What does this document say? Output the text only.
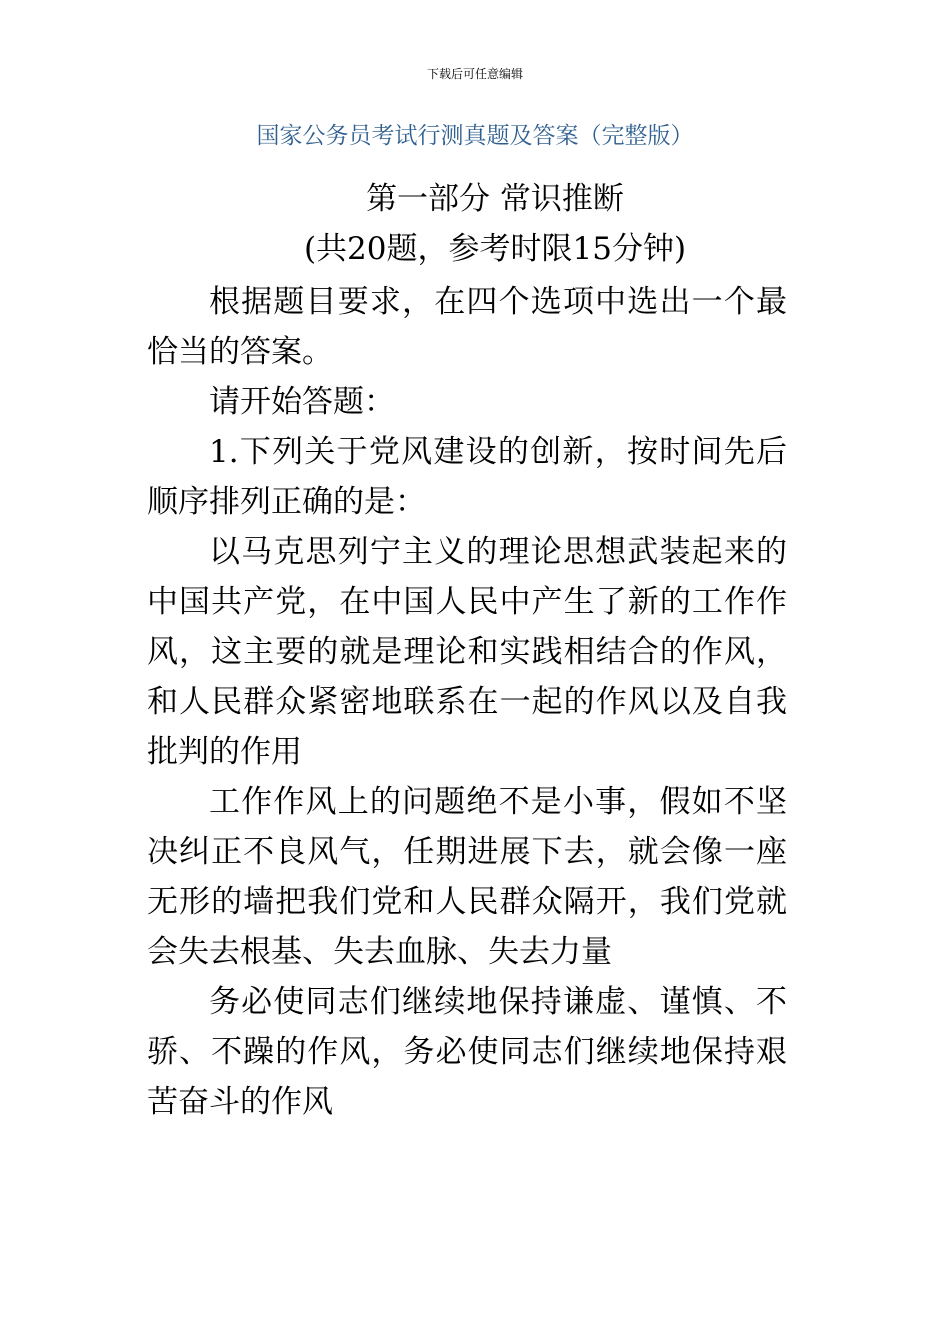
下载后可任意编辑
国家公务员考试行测真题及答案（完整版）
第一部分 常识推断
(共20题，参考时限15分钟)

根据题目要求，在四个选项中选出一个最恰当的答案。

请开始答题：

1.下列关于党风建设的创新，按时间先后顺序排列正确的是：

以马克思列宁主义的理论思想武装起来的中国共产党，在中国人民中产生了新的工作作风，这主要的就是理论和实践相结合的作风，和人民群众紧密地联系在一起的作风以及自我批判的作用

工作作风上的问题绝不是小事，假如不坚决纠正不良风气，任期进展下去，就会像一座无形的墙把我们党和人民群众隔开，我们党就会失去根基、失去血脉、失去力量

务必使同志们继续地保持谦虚、谨慎、不骄、不躁的作风，务必使同志们继续地保持艰苦奋斗的作风
